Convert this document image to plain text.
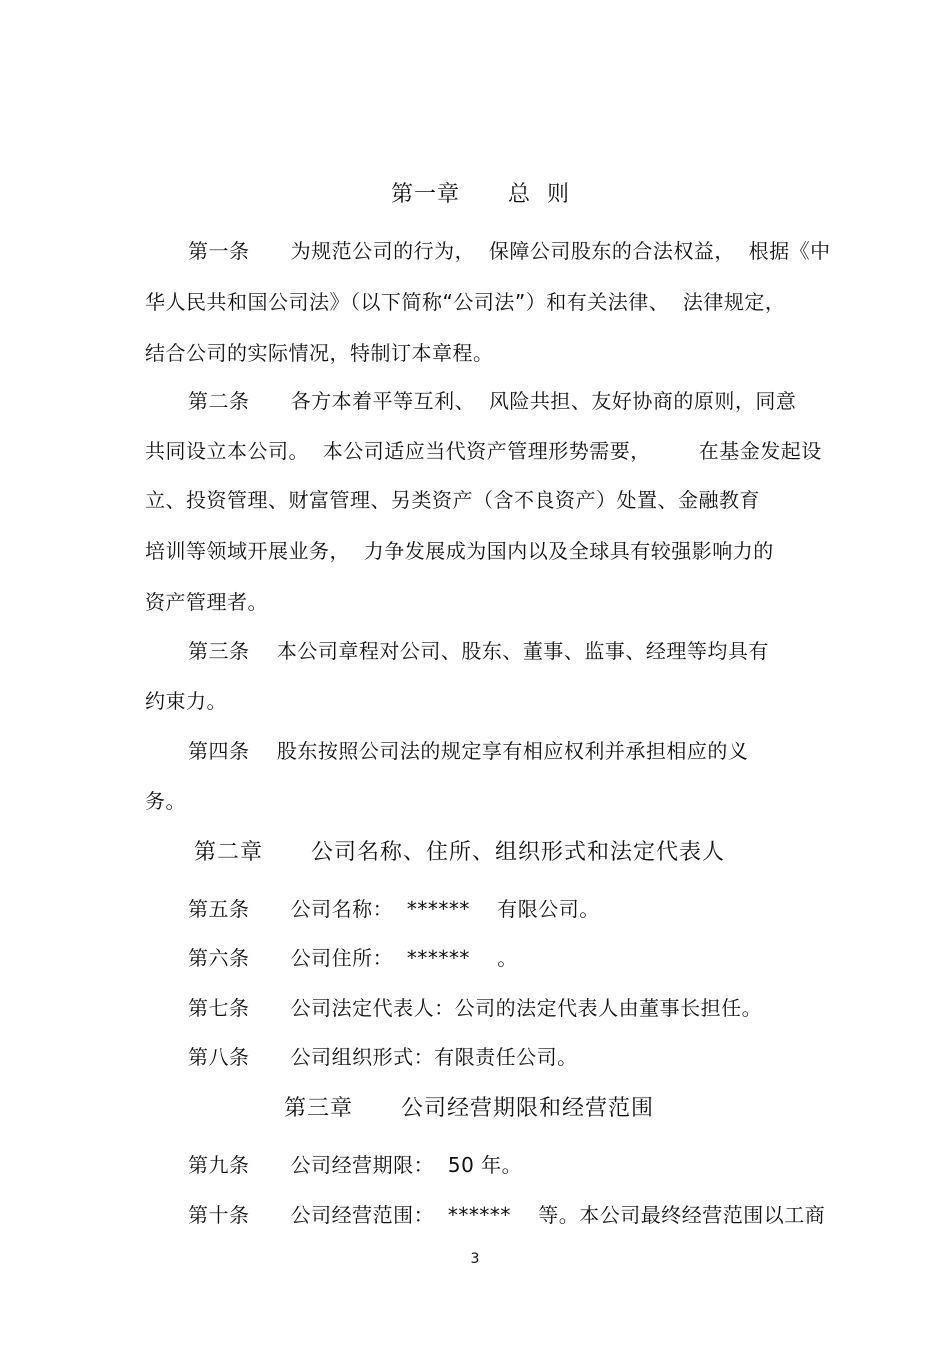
第一章      总  则
第一条      为规范公司的行为，  保障公司股东的合法权益，  根据《中
华人民共和国公司法》（以下简称“公司法”）和有关法律、  法律规定，
结合公司的实际情况，特制订本章程。
第二条      各方本着平等互利、  风险共担、友好协商的原则，同意
共同设立本公司。  本公司适应当代资产管理形势需要，       在基金发起设
立、投资管理、财富管理、另类资产（含不良资产）处置、金融教育
培训等领域开展业务，  力争发展成为国内以及全球具有较强影响力的
资产管理者。
第三条    本公司章程对公司、股东、董事、监事、经理等均具有
约束力。
第四条    股东按照公司法的规定享有相应权利并承担相应的义
务。
第二章      公司名称、住所、组织形式和法定代表人
第五条      公司名称：  ******    有限公司。
第六条      公司住所：  ******    。
第七条      公司法定代表人：公司的法定代表人由董事长担任。
第八条      公司组织形式：有限责任公司。
第三章      公司经营期限和经营范围
第九条      公司经营期限：  50 年。
第十条      公司经营范围：  ******    等。本公司最终经营范围以工商
3
